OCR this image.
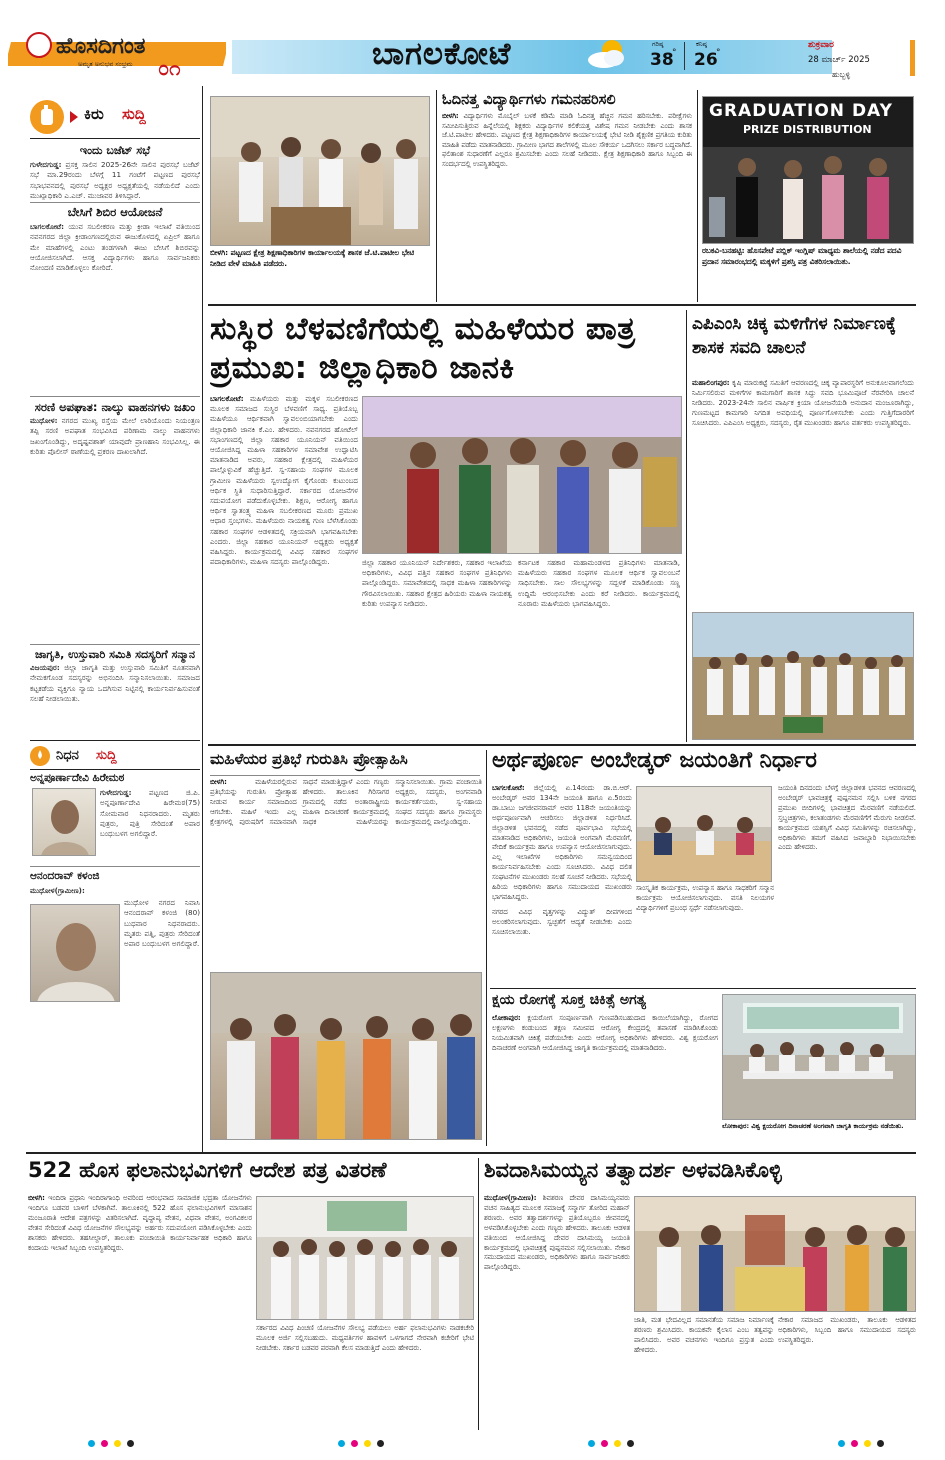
ಹೊಸದಿಗಂತ
ಅಮೃತ ಅನುಭವ ಸಂಭ್ರಮ ೦೧	ಬಾಗಲಕೋಟೆ	ಗರಿಷ್ಠ
38
°
ಕನಿಷ್ಠ
26
°
ಶುಕ್ರವಾರ
28 ಮಾರ್ಚ್ 2025
ಹುಬ್ಬಳ್ಳಿ
ಕಿರು ಸುದ್ದಿ
ಇಂದು ಬಜೆಟ್ ಸಭೆ
ಗುಳೇದಗುಡ್ಡ: ಪ್ರಸಕ್ತ ಸಾಲಿನ 2025-26ನೇ ಸಾಲಿನ ಪುರಸಭೆ ಬಜೆಟ್ ಸಭೆ ಮಾ.29ರಂದು ಬೆಳಗ್ಗೆ 11 ಗಂಟೆಗೆ ಪಟ್ಟಣದ ಪುರಸಭೆ ಸಭಾಭವನದಲ್ಲಿ ಪುರಸಭೆ ಅಧ್ಯಕ್ಷರ ಅಧ್ಯಕ್ಷತೆಯಲ್ಲಿ ನಡೆಯಲಿದೆ ಎಂದು ಮುಖ್ಯಾಧಿಕಾರಿ ಎ.ಎಚ್. ಮುಜಾವರ ತಿಳಿಸಿದ್ದಾರೆ.
ಬೇಸಿಗೆ ಶಿಬಿರ ಆಯೋಜನೆ
ಬಾಗಲಕೋಟೆ: ಯುವ ಸಬಲೀಕರಣ ಮತ್ತು ಕ್ರೀಡಾ ಇಲಾಖೆ ವತಿಯಿಂದ ನವನಗರದ ಜಿಲ್ಲಾ ಕ್ರೀಡಾಂಗಣದಲ್ಲಿರುವ ಈಜುಕೊಳದಲ್ಲಿ ಏಪ್ರಿಲ್ ಹಾಗೂ ಮೇ ಮಾಹೆಗಳಲ್ಲಿ ಎಂಟು ತಂಡಗಳಾಗಿ ಈಜು ಬೇಸಿಗೆ ಶಿಬಿರವನ್ನು ಆಯೋಜಿಸಲಾಗಿದೆ. ಆಸಕ್ತ ವಿದ್ಯಾರ್ಥಿಗಳು ಹಾಗೂ ಸಾರ್ವಜನಿಕರು ನೋಂದಣಿ ಮಾಡಿಕೊಳ್ಳಲು ಕೋರಿದೆ.
ಸರಣಿ ಅಪಘಾತ: ನಾಲ್ಕು ವಾಹನಗಳು ಜಖಂ
ಮುಧೋಳ: ನಗರದ ಮುಖ್ಯ ರಸ್ತೆಯ ಮೇಲೆ ಲಾರಿಯೊಂದು ನಿಯಂತ್ರಣ ತಪ್ಪಿ ಸರಣಿ ಅಪಘಾತ ಸಂಭವಿಸಿದ ಪರಿಣಾಮ ನಾಲ್ಕು ವಾಹನಗಳು ಜಖಂಗೊಂಡಿದ್ದು, ಅದೃಷ್ಟವಶಾತ್ ಯಾವುದೇ ಪ್ರಾಣಹಾನಿ ಸಂಭವಿಸಿಲ್ಲ. ಈ ಕುರಿತು ಪೊಲೀಸ್ ಠಾಣೆಯಲ್ಲಿ ಪ್ರಕರಣ ದಾಖಲಾಗಿದೆ.
ಜಾಗೃತಿ, ಉಸ್ತುವಾರಿ ಸಮಿತಿ ಸದಸ್ಯರಿಗೆ ಸನ್ಮಾನ
ವಿಜಯಪುರ: ಜಿಲ್ಲಾ ಜಾಗೃತಿ ಮತ್ತು ಉಸ್ತುವಾರಿ ಸಮಿತಿಗೆ ನೂತನವಾಗಿ ನೇಮಕಗೊಂಡ ಸದಸ್ಯರನ್ನು ಅಭಿನಂದಿಸಿ ಸನ್ಮಾನಿಸಲಾಯಿತು. ಸಮಾಜದ ಕಟ್ಟಕಡೆಯ ವ್ಯಕ್ತಿಗೂ ನ್ಯಾಯ ಒದಗಿಸುವ ನಿಟ್ಟಿನಲ್ಲಿ ಕಾರ್ಯನಿರ್ವಹಿಸುವಂತೆ ಸಲಹೆ ನೀಡಲಾಯಿತು.
ನಿಧನ ಸುದ್ದಿ
ಅನ್ನಪೂರ್ಣಾದೇವಿ ಹಿರೇಮಠ
ಗುಳೇದಗುಡ್ಡ: ಪಟ್ಟಣದ ಜಿ.ಪಿ. ಅನ್ನಪೂರ್ಣಾದೇವಿ ಹಿರೇಮಠ(75) ಸೋಮವಾರ ನಿಧನರಾದರು. ಮೃತರು ಪುತ್ರರು, ಪುತ್ರಿ ಸೇರಿದಂತೆ ಅಪಾರ ಬಂಧುಬಳಗ ಅಗಲಿದ್ದಾರೆ.
ಆನಂದರಾವ್ ಕಳಂಜಿ
ಮುಧೋಳ(ಗ್ರಾಮೀಣ):
ಮುಧೋಳ ನಗರದ ನಿವಾಸಿ ಆನಂದರಾವ್ ಕಳಂಜಿ (80) ಬುಧವಾರ ನಿಧನರಾದರು. ಮೃತರು ಪತ್ನಿ, ಪುತ್ರರು ಸೇರಿದಂತೆ ಅಪಾರ ಬಂಧುಬಳಗ ಅಗಲಿದ್ದಾರೆ.
ಬೀಳಗಿ: ಪಟ್ಟಣದ ಕ್ಷೇತ್ರ ಶಿಕ್ಷಣಾಧಿಕಾರಿಗಳ ಕಾರ್ಯಾಲಯಕ್ಕೆ ಶಾಸಕ ಜೆ.ಟಿ.ಪಾಟೀಲ ಭೇಟಿ ನೀಡಿದ ವೇಳೆ ಮಾಹಿತಿ ಪಡೆದರು.
ಓದಿನತ್ತ ವಿದ್ಯಾರ್ಥಿಗಳು ಗಮನಹರಿಸಲಿ
ಬೀಳಗಿ: ವಿದ್ಯಾರ್ಥಿಗಳು ಮೊಬೈಲ್ ಬಳಕೆ ಕಡಿಮೆ ಮಾಡಿ ಓದಿನತ್ತ ಹೆಚ್ಚಿನ ಗಮನ ಹರಿಸಬೇಕು. ಪರೀಕ್ಷೆಗಳು ಸಮೀಪಿಸುತ್ತಿರುವ ಹಿನ್ನೆಲೆಯಲ್ಲಿ ಶಿಕ್ಷಕರು ವಿದ್ಯಾರ್ಥಿಗಳ ಕಲಿಕೆಯತ್ತ ವಿಶೇಷ ಗಮನ ನೀಡಬೇಕು ಎಂದು ಶಾಸಕ ಜೆ.ಟಿ.ಪಾಟೀಲ ಹೇಳಿದರು. ಪಟ್ಟಣದ ಕ್ಷೇತ್ರ ಶಿಕ್ಷಣಾಧಿಕಾರಿಗಳ ಕಾರ್ಯಾಲಯಕ್ಕೆ ಭೇಟಿ ನೀಡಿ ಶೈಕ್ಷಣಿಕ ಪ್ರಗತಿಯ ಕುರಿತು ಮಾಹಿತಿ ಪಡೆದು ಮಾತನಾಡಿದರು. ಗ್ರಾಮೀಣ ಭಾಗದ ಶಾಲೆಗಳಲ್ಲಿ ಮೂಲ ಸೌಕರ್ಯ ಒದಗಿಸಲು ಸರ್ಕಾರ ಬದ್ಧವಾಗಿದೆ. ಫಲಿತಾಂಶ ಸುಧಾರಣೆಗೆ ಎಲ್ಲರೂ ಶ್ರಮಿಸಬೇಕು ಎಂದು ಸಲಹೆ ನೀಡಿದರು. ಕ್ಷೇತ್ರ ಶಿಕ್ಷಣಾಧಿಕಾರಿ ಹಾಗೂ ಸಿಬ್ಬಂದಿ ಈ ಸಂದರ್ಭದಲ್ಲಿ ಉಪಸ್ಥಿತರಿದ್ದರು.
GRADUATION DAY
PRIZE DISTRIBUTION
ರಬಕವಿ-ಬನಹಟ್ಟಿ: ಹೊಸಪೇಟೆ ಪಬ್ಲಿಕ್ ಇಂಗ್ಲಿಷ್ ಮಾಧ್ಯಮ ಶಾಲೆಯಲ್ಲಿ ನಡೆದ ಪದವಿ ಪ್ರದಾನ ಸಮಾರಂಭದಲ್ಲಿ ಮಕ್ಕಳಿಗೆ ಪ್ರಶಸ್ತಿ ಪತ್ರ ವಿತರಿಸಲಾಯಿತು.
ಸುಸ್ಥಿರ ಬೆಳವಣಿಗೆಯಲ್ಲಿ ಮಹಿಳೆಯರ ಪಾತ್ರ ಪ್ರಮುಖ: ಜಿಲ್ಲಾಧಿಕಾರಿ ಜಾನಕಿ
ಬಾಗಲಕೋಟೆ: ಮಹಿಳೆಯರು ಮತ್ತು ಮಕ್ಕಳ ಸಬಲೀಕರಣದ ಮೂಲಕ ಸಮಾಜದ ಸುಸ್ಥಿರ ಬೆಳವಣಿಗೆ ಸಾಧ್ಯ. ಪ್ರತಿಯೊಬ್ಬ ಮಹಿಳೆಯೂ ಆರ್ಥಿಕವಾಗಿ ಸ್ವಾವಲಂಬಿಯಾಗಬೇಕು ಎಂದು ಜಿಲ್ಲಾಧಿಕಾರಿ ಜಾನಕಿ ಕೆ.ಎಂ. ಹೇಳಿದರು. ನವನಗರದ ಹೋಟೆಲ್ ಸಭಾಂಗಣದಲ್ಲಿ ಜಿಲ್ಲಾ ಸಹಕಾರ ಯೂನಿಯನ್ ವತಿಯಿಂದ ಆಯೋಜಿಸಿದ್ದ ಮಹಿಳಾ ಸಹಕಾರಿಗಳ ಸಮಾವೇಶ ಉದ್ಘಾಟಿಸಿ ಮಾತನಾಡಿದ ಅವರು, ಸಹಕಾರ ಕ್ಷೇತ್ರದಲ್ಲಿ ಮಹಿಳೆಯರ ಪಾಲ್ಗೊಳ್ಳುವಿಕೆ ಹೆಚ್ಚುತ್ತಿದೆ. ಸ್ವ-ಸಹಾಯ ಸಂಘಗಳ ಮೂಲಕ ಗ್ರಾಮೀಣ ಮಹಿಳೆಯರು ಸ್ವಉದ್ಯೋಗ ಕೈಗೊಂಡು ಕುಟುಂಬದ ಆರ್ಥಿಕ ಸ್ಥಿತಿ ಸುಧಾರಿಸುತ್ತಿದ್ದಾರೆ. ಸರ್ಕಾರದ ಯೋಜನೆಗಳ ಸದುಪಯೋಗ ಪಡೆದುಕೊಳ್ಳಬೇಕು. ಶಿಕ್ಷಣ, ಆರೋಗ್ಯ ಹಾಗೂ ಆರ್ಥಿಕ ಸ್ವಾತಂತ್ರ್ಯ ಮಹಿಳಾ ಸಬಲೀಕರಣದ ಮೂರು ಪ್ರಮುಖ ಆಧಾರ ಸ್ತಂಭಗಳು. ಮಹಿಳೆಯರು ನಾಯಕತ್ವ ಗುಣ ಬೆಳೆಸಿಕೊಂಡು ಸಹಕಾರ ಸಂಘಗಳ ಆಡಳಿತದಲ್ಲಿ ಸಕ್ರಿಯವಾಗಿ ಭಾಗವಹಿಸಬೇಕು ಎಂದರು. ಜಿಲ್ಲಾ ಸಹಕಾರ ಯೂನಿಯನ್ ಅಧ್ಯಕ್ಷರು ಅಧ್ಯಕ್ಷತೆ ವಹಿಸಿದ್ದರು. ಕಾರ್ಯಕ್ರಮದಲ್ಲಿ ವಿವಿಧ ಸಹಕಾರ ಸಂಘಗಳ ಪದಾಧಿಕಾರಿಗಳು, ಮಹಿಳಾ ಸದಸ್ಯರು ಪಾಲ್ಗೊಂಡಿದ್ದರು.	ಜಿಲ್ಲಾ ಸಹಕಾರ ಯೂನಿಯನ್ ನಿರ್ದೇಶಕರು, ಸಹಕಾರ ಇಲಾಖೆಯ ಅಧಿಕಾರಿಗಳು, ವಿವಿಧ ಪತ್ತಿನ ಸಹಕಾರ ಸಂಘಗಳ ಪ್ರತಿನಿಧಿಗಳು ಪಾಲ್ಗೊಂಡಿದ್ದರು. ಸಮಾವೇಶದಲ್ಲಿ ಸಾಧಕ ಮಹಿಳಾ ಸಹಕಾರಿಗಳನ್ನು ಗೌರವಿಸಲಾಯಿತು. ಸಹಕಾರ ಕ್ಷೇತ್ರದ ಹಿರಿಯರು ಮಹಿಳಾ ನಾಯಕತ್ವ ಕುರಿತು ಉಪನ್ಯಾಸ ನೀಡಿದರು.
ಕರ್ನಾಟಕ ಸಹಕಾರ ಮಹಾಮಂಡಳದ ಪ್ರತಿನಿಧಿಗಳು ಮಾತನಾಡಿ, ಮಹಿಳೆಯರು ಸಹಕಾರ ಸಂಘಗಳ ಮೂಲಕ ಆರ್ಥಿಕ ಸ್ವಾವಲಂಬನೆ ಸಾಧಿಸಬೇಕು. ಸಾಲ ಸೌಲಭ್ಯಗಳನ್ನು ಸದ್ಬಳಕೆ ಮಾಡಿಕೊಂಡು ಸಣ್ಣ ಉದ್ದಿಮೆ ಆರಂಭಿಸಬೇಕು ಎಂದು ಕರೆ ನೀಡಿದರು. ಕಾರ್ಯಕ್ರಮದಲ್ಲಿ ನೂರಾರು ಮಹಿಳೆಯರು ಭಾಗವಹಿಸಿದ್ದರು.
ಎಪಿಎಂಸಿ ಚಿಕ್ಕ ಮಳಿಗೆಗಳ ನಿರ್ಮಾಣಕ್ಕೆ ಶಾಸಕ ಸವದಿ ಚಾಲನೆ
ಮಹಾಲಿಂಗಪುರ: ಕೃಷಿ ಮಾರುಕಟ್ಟೆ ಸಮಿತಿಗೆ ಆವರಣದಲ್ಲಿ ಚಿಕ್ಕ ವ್ಯಾಪಾರಸ್ಥರಿಗೆ ಅನುಕೂಲವಾಗಲೆಂದು ನಿರ್ಮಿಸಲಿರುವ ಮಳಿಗೆಗಳ ಕಾಮಗಾರಿಗೆ ಶಾಸಕ ಸಿದ್ದು ಸವದಿ ಭೂಮಿಪೂಜೆ ನೆರವೇರಿಸಿ ಚಾಲನೆ ನೀಡಿದರು. 2023-24ನೇ ಸಾಲಿನ ವಾರ್ಷಿಕ ಕ್ರಿಯಾ ಯೋಜನೆಯಡಿ ಅನುದಾನ ಮಂಜೂರಾಗಿದ್ದು, ಗುಣಮಟ್ಟದ ಕಾಮಗಾರಿ ನಿಗದಿತ ಅವಧಿಯಲ್ಲಿ ಪೂರ್ಣಗೊಳಿಸಬೇಕು ಎಂದು ಗುತ್ತಿಗೆದಾರರಿಗೆ ಸೂಚಿಸಿದರು. ಎಪಿಎಂಸಿ ಅಧ್ಯಕ್ಷರು, ಸದಸ್ಯರು, ರೈತ ಮುಖಂಡರು ಹಾಗೂ ವರ್ತಕರು ಉಪಸ್ಥಿತರಿದ್ದರು.
ಮಹಿಳೆಯರ ಪ್ರತಿಭೆ ಗುರುತಿಸಿ ಪ್ರೋತ್ಸಾಹಿಸಿ
ಬೀಳಗಿ:	ಮಹಿಳೆಯರಲ್ಲಿರುವ ಪ್ರತಿಭೆಯನ್ನು ಗುರುತಿಸಿ ಪ್ರೋತ್ಸಾಹ ನೀಡುವ ಕಾರ್ಯ ಸಮಾಜದಿಂದ ಆಗಬೇಕು. ಮಹಿಳೆ ಇಂದು ಎಲ್ಲ ಕ್ಷೇತ್ರಗಳಲ್ಲಿ ಪುರುಷರಿಗೆ ಸಮಾನವಾಗಿ ಸಾಧನೆ ಮಾಡುತ್ತಿದ್ದಾಳೆ ಎಂದು ಗಣ್ಯರು ಹೇಳಿದರು. ತಾಲೂಕಿನ ಗಿರಿಸಾಗರ ಗ್ರಾಮದಲ್ಲಿ ನಡೆದ ಅಂತಾರಾಷ್ಟ್ರೀಯ ಮಹಿಳಾ ದಿನಾಚರಣೆ ಕಾರ್ಯಕ್ರಮದಲ್ಲಿ ಸಾಧಕ ಮಹಿಳೆಯರನ್ನು ಸನ್ಮಾನಿಸಲಾಯಿತು. ಗ್ರಾಮ ಪಂಚಾಯಿತಿ ಅಧ್ಯಕ್ಷರು, ಸದಸ್ಯರು, ಅಂಗನವಾಡಿ ಕಾರ್ಯಕರ್ತೆಯರು, ಸ್ವ-ಸಹಾಯ ಸಂಘದ ಸದಸ್ಯರು ಹಾಗೂ ಗ್ರಾಮಸ್ಥರು ಕಾರ್ಯಕ್ರಮದಲ್ಲಿ ಪಾಲ್ಗೊಂಡಿದ್ದರು.
ಅರ್ಥಪೂರ್ಣ ಅಂಬೇಡ್ಕರ್ ಜಯಂತಿಗೆ ನಿರ್ಧಾರ
ಬಾಗಲಕೋಟೆ: ಜಿಲ್ಲೆಯಲ್ಲಿ ಏ.14ರಂದು ಡಾ.ಬಿ.ಆರ್. ಅಂಬೇಡ್ಕರ್ ಅವರ 134ನೇ ಜಯಂತಿ ಹಾಗೂ ಏ.5ರಂದು ಡಾ.ಬಾಬು ಜಗಜೀವನರಾಮ್ ಅವರ 118ನೇ ಜಯಂತಿಯನ್ನು ಅರ್ಥಪೂರ್ಣವಾಗಿ ಆಚರಿಸಲು ಜಿಲ್ಲಾಡಳಿತ ನಿರ್ಧರಿಸಿದೆ. ಜಿಲ್ಲಾಡಳಿತ ಭವನದಲ್ಲಿ ನಡೆದ ಪೂರ್ವಭಾವಿ ಸಭೆಯಲ್ಲಿ ಮಾತನಾಡಿದ ಅಧಿಕಾರಿಗಳು, ಜಯಂತಿ ಅಂಗವಾಗಿ ಮೆರವಣಿಗೆ, ವೇದಿಕೆ ಕಾರ್ಯಕ್ರಮ ಹಾಗೂ ಉಪನ್ಯಾಸ ಆಯೋಜಿಸಲಾಗುವುದು. ಎಲ್ಲ ಇಲಾಖೆಗಳ ಅಧಿಕಾರಿಗಳು ಸಮನ್ವಯದಿಂದ ಕಾರ್ಯನಿರ್ವಹಿಸಬೇಕು ಎಂದು ಸೂಚಿಸಿದರು. ವಿವಿಧ ದಲಿತ ಸಂಘಟನೆಗಳ ಮುಖಂಡರು ಸಲಹೆ ಸೂಚನೆ ನೀಡಿದರು. ಸಭೆಯಲ್ಲಿ ಹಿರಿಯ ಅಧಿಕಾರಿಗಳು ಹಾಗೂ ಸಮುದಾಯದ ಮುಖಂಡರು ಭಾಗವಹಿಸಿದ್ದರು.
ಜಯಂತಿ ದಿನದಂದು ಬೆಳಗ್ಗೆ ಜಿಲ್ಲಾಡಳಿತ ಭವನದ ಆವರಣದಲ್ಲಿ ಅಂಬೇಡ್ಕರ್ ಭಾವಚಿತ್ರಕ್ಕೆ ಪುಷ್ಪನಮನ ಸಲ್ಲಿಸಿ ಬಳಿಕ ನಗರದ ಪ್ರಮುಖ ಬೀದಿಗಳಲ್ಲಿ ಭಾವಚಿತ್ರದ ಮೆರವಣಿಗೆ ನಡೆಯಲಿದೆ. ಸ್ತಬ್ಧಚಿತ್ರಗಳು, ಕಲಾತಂಡಗಳು ಮೆರವಣಿಗೆಗೆ ಮೆರುಗು ನೀಡಲಿವೆ. ಕಾರ್ಯಕ್ರಮದ ಯಶಸ್ಸಿಗೆ ವಿವಿಧ ಸಮಿತಿಗಳನ್ನು ರಚಿಸಲಾಗಿದ್ದು, ಅಧಿಕಾರಿಗಳು ತಮಗೆ ವಹಿಸಿದ ಜವಾಬ್ದಾರಿ ನಿಭಾಯಿಸಬೇಕು ಎಂದು ಹೇಳಿದರು.
ಸಾಂಸ್ಕೃತಿಕ ಕಾರ್ಯಕ್ರಮ, ಉಪನ್ಯಾಸ ಹಾಗೂ ಸಾಧಕರಿಗೆ ಸನ್ಮಾನ ಕಾರ್ಯಕ್ರಮ ಆಯೋಜಿಸಲಾಗುವುದು. ವಸತಿ ನಿಲಯಗಳ ವಿದ್ಯಾರ್ಥಿಗಳಿಗೆ ಪ್ರಬಂಧ ಸ್ಪರ್ಧೆ ನಡೆಸಲಾಗುವುದು.
ನಗರದ ವಿವಿಧ ವೃತ್ತಗಳನ್ನು ವಿದ್ಯುತ್ ದೀಪಗಳಿಂದ ಅಲಂಕರಿಸಲಾಗುವುದು. ಸ್ವಚ್ಛತೆಗೆ ಆದ್ಯತೆ ನೀಡಬೇಕು ಎಂದು ಸೂಚಿಸಲಾಯಿತು.
ಕ್ಷಯ ರೋಗಕ್ಕೆ ಸೂಕ್ತ ಚಿಕಿತ್ಸೆ ಅಗತ್ಯ
ಲೋಕಾಪುರ: ಕ್ಷಯರೋಗ ಸಂಪೂರ್ಣವಾಗಿ ಗುಣಪಡಿಸಬಹುದಾದ ಕಾಯಿಲೆಯಾಗಿದ್ದು, ರೋಗದ ಲಕ್ಷಣಗಳು ಕಂಡುಬಂದ ತಕ್ಷಣ ಸಮೀಪದ ಆರೋಗ್ಯ ಕೇಂದ್ರದಲ್ಲಿ ತಪಾಸಣೆ ಮಾಡಿಸಿಕೊಂಡು ನಿಯಮಿತವಾಗಿ ಚಿಕಿತ್ಸೆ ಪಡೆಯಬೇಕು ಎಂದು ಆರೋಗ್ಯ ಅಧಿಕಾರಿಗಳು ಹೇಳಿದರು. ವಿಶ್ವ ಕ್ಷಯರೋಗ ದಿನಾಚರಣೆ ಅಂಗವಾಗಿ ಆಯೋಜಿಸಿದ್ದ ಜಾಗೃತಿ ಕಾರ್ಯಕ್ರಮದಲ್ಲಿ ಮಾತನಾಡಿದರು.
ಲೋಕಾಪುರ: ವಿಶ್ವ ಕ್ಷಯರೋಗ ದಿನಾಚರಣೆ ಅಂಗವಾಗಿ ಜಾಗೃತಿ ಕಾರ್ಯಕ್ರಮ ನಡೆಯಿತು.
522 ಹೊಸ ಫಲಾನುಭವಿಗಳಿಗೆ ಆದೇಶ ಪತ್ರ ವಿತರಣೆ
ಬೀಳಗಿ: ಇಂದಿರಾ ಪ್ರಧಾನಿ ಇಂದಿರಾಗಾಂಧಿ ಅವರಿಂದ ಆರಂಭವಾದ ಸಾಮಾಜಿಕ ಭದ್ರತಾ ಯೋಜನೆಗಳು ಇಂದಿಗೂ ಬಡವರ ಬಾಳಿಗೆ ಬೆಳಕಾಗಿವೆ. ತಾಲೂಕಿನಲ್ಲಿ 522 ಹೊಸ ಫಲಾನುಭವಿಗಳಿಗೆ ಮಾಸಾಶನ ಮಂಜೂರಾತಿ ಆದೇಶ ಪತ್ರಗಳನ್ನು ವಿತರಿಸಲಾಗಿದೆ. ವೃದ್ಧಾಪ್ಯ ವೇತನ, ವಿಧವಾ ವೇತನ, ಅಂಗವಿಕಲರ ವೇತನ ಸೇರಿದಂತೆ ವಿವಿಧ ಯೋಜನೆಗಳ ಸೌಲಭ್ಯವನ್ನು ಅರ್ಹರು ಸದುಪಯೋಗ ಪಡಿಸಿಕೊಳ್ಳಬೇಕು ಎಂದು ಶಾಸಕರು ಹೇಳಿದರು. ತಹಸೀಲ್ದಾರ್, ತಾಲೂಕು ಪಂಚಾಯಿತಿ ಕಾರ್ಯನಿರ್ವಾಹಕ ಅಧಿಕಾರಿ ಹಾಗೂ ಕಂದಾಯ ಇಲಾಖೆ ಸಿಬ್ಬಂದಿ ಉಪಸ್ಥಿತರಿದ್ದರು.
ಸರ್ಕಾರದ ವಿವಿಧ ಪಿಂಚಣಿ ಯೋಜನೆಗಳ ಸೌಲಭ್ಯ ಪಡೆಯಲು ಅರ್ಹ ಫಲಾನುಭವಿಗಳು ನಾಡಕಚೇರಿ ಮೂಲಕ ಅರ್ಜಿ ಸಲ್ಲಿಸಬಹುದು. ಮಧ್ಯವರ್ತಿಗಳ ಹಾವಳಿಗೆ ಒಳಗಾಗದೆ ನೇರವಾಗಿ ಕಚೇರಿಗೆ ಭೇಟಿ ನೀಡಬೇಕು. ಸರ್ಕಾರ ಬಡವರ ಪರವಾಗಿ ಕೆಲಸ ಮಾಡುತ್ತಿದೆ ಎಂದು ಹೇಳಿದರು.
ಶಿವದಾಸಿಮಯ್ಯನ ತತ್ವಾದರ್ಶ ಅಳವಡಿಸಿಕೊಳ್ಳಿ
ಮುಧೋಳ(ಗ್ರಾಮೀಣ): ಶಿವಶರಣ ದೇವರ ದಾಸಿಮಯ್ಯನವರು ವಚನ ಸಾಹಿತ್ಯದ ಮೂಲಕ ಸಮಾಜಕ್ಕೆ ಸನ್ಮಾರ್ಗ ತೋರಿದ ಮಹಾನ್ ಶರಣರು. ಅವರ ತತ್ವಾದರ್ಶಗಳನ್ನು ಪ್ರತಿಯೊಬ್ಬರೂ ಜೀವನದಲ್ಲಿ ಅಳವಡಿಸಿಕೊಳ್ಳಬೇಕು ಎಂದು ಗಣ್ಯರು ಹೇಳಿದರು. ತಾಲೂಕು ಆಡಳಿತ ವತಿಯಿಂದ ಆಯೋಜಿಸಿದ್ದ ದೇವರ ದಾಸಿಮಯ್ಯ ಜಯಂತಿ ಕಾರ್ಯಕ್ರಮದಲ್ಲಿ ಭಾವಚಿತ್ರಕ್ಕೆ ಪುಷ್ಪನಮನ ಸಲ್ಲಿಸಲಾಯಿತು. ನೇಕಾರ ಸಮುದಾಯದ ಮುಖಂಡರು, ಅಧಿಕಾರಿಗಳು ಹಾಗೂ ಸಾರ್ವಜನಿಕರು ಪಾಲ್ಗೊಂಡಿದ್ದರು.
ಜಾತಿ, ಮತ ಭೇದವಿಲ್ಲದ ಸಮಾನತೆಯ ಸಮಾಜ ನಿರ್ಮಾಣಕ್ಕೆ ಶರಣರು ಶ್ರಮಿಸಿದರು. ಕಾಯಕವೇ ಕೈಲಾಸ ಎಂಬ ತತ್ವವನ್ನು ಪಾಲಿಸಿದರು. ಅವರ ವಚನಗಳು ಇಂದಿಗೂ ಪ್ರಸ್ತುತ ಎಂದು ಹೇಳಿದರು.
ನೇಕಾರ ಸಮಾಜದ ಮುಖಂಡರು, ತಾಲೂಕು ಆಡಳಿತದ ಅಧಿಕಾರಿಗಳು, ಸಿಬ್ಬಂದಿ ಹಾಗೂ ಸಮುದಾಯದ ಸದಸ್ಯರು ಉಪಸ್ಥಿತರಿದ್ದರು.
